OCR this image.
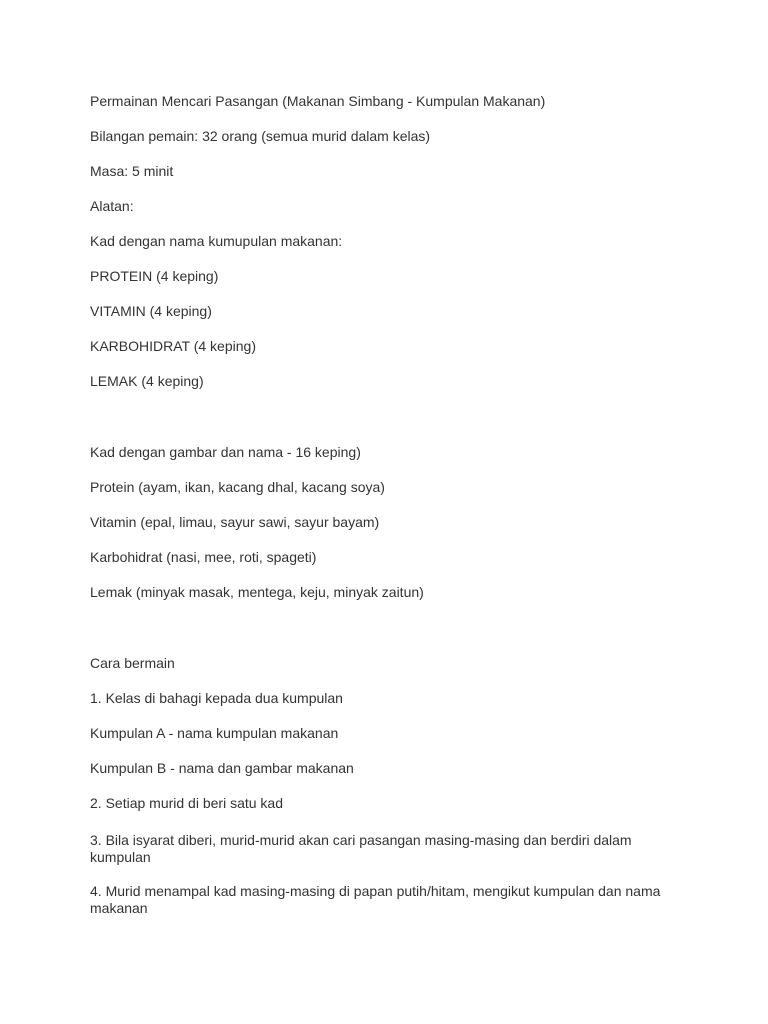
Permainan Mencari Pasangan (Makanan Simbang - Kumpulan Makanan)

Bilangan pemain: 32 orang (semua murid dalam kelas)

Masa: 5 minit

Alatan:

Kad dengan nama kumupulan makanan:

PROTEIN (4 keping)

VITAMIN (4 keping)

KARBOHIDRAT (4 keping)

LEMAK (4 keping)

Kad dengan gambar dan nama - 16 keping)

Protein (ayam, ikan, kacang dhal, kacang soya)

Vitamin (epal, limau, sayur sawi, sayur bayam)

Karbohidrat (nasi, mee, roti, spageti)

Lemak (minyak masak, mentega, keju, minyak zaitun)

Cara bermain

1. Kelas di bahagi kepada dua kumpulan

Kumpulan A - nama kumpulan makanan

Kumpulan B - nama dan gambar makanan

2. Setiap murid di beri satu kad

3. Bila isyarat diberi, murid-murid akan cari pasangan masing-masing dan berdiri dalam kumpulan

4. Murid menampal kad masing-masing di papan putih/hitam, mengikut kumpulan dan nama makanan
